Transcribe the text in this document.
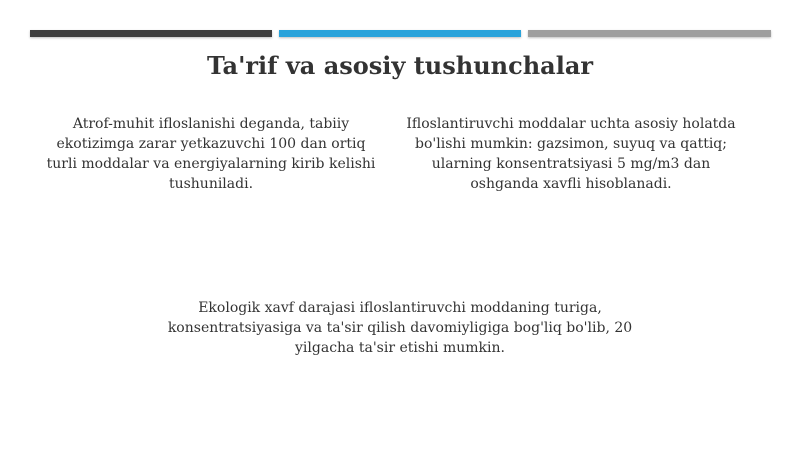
Ta'rif va asosiy tushunchalar

Atrof-muhit ifloslanishi deganda, tabiiy ekotizimga zarar yetkazuvchi 100 dan ortiq turli moddalar va energiyalarning kirib kelishi tushuniladi.

Ifloslantiruvchi moddalar uchta asosiy holatda bo'lishi mumkin: gazsimon, suyuq va qattiq; ularning konsentratsiyasi 5 mg/m3 dan oshganda xavfli hisoblanadi.

Ekologik xavf darajasi ifloslantiruvchi moddaning turiga, konsentratsiyasiga va ta'sir qilish davomiyligiga bog'liq bo'lib, 20 yilgacha ta'sir etishi mumkin.
